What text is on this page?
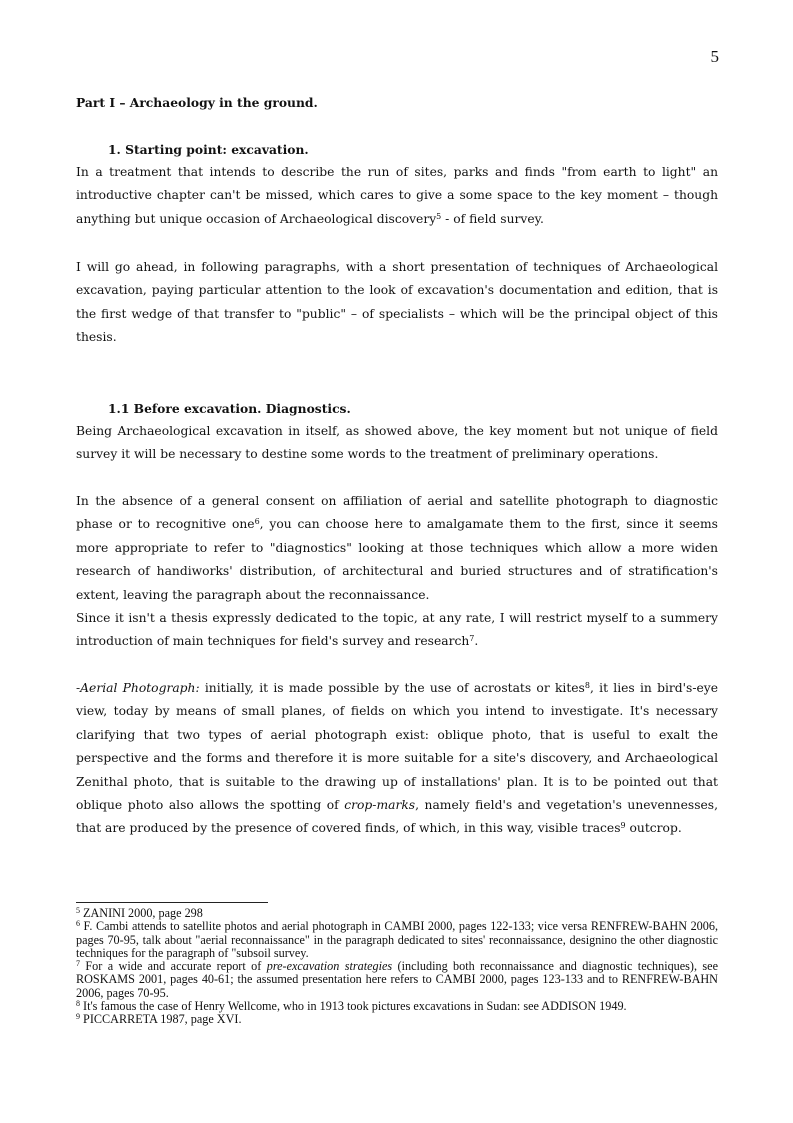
5

Part I – Archaeology in the ground.

1. Starting point: excavation.

In a treatment that intends to describe the run of sites, parks and finds "from earth to light" an introductive chapter can't be missed, which cares to give a some space to the key moment – though anything but unique occasion of Archaeological discovery$^5$ - of field survey.

I will go ahead, in following paragraphs, with a short presentation of techniques of Archaeological excavation, paying particular attention to the look of excavation's documentation and edition, that is the first wedge of that transfer to "public" – of specialists – which will be the principal object of this thesis.

1.1 Before excavation. Diagnostics.

Being Archaeological excavation in itself, as showed above, the key moment but not unique of field survey it will be necessary to destine some words to the treatment of preliminary operations.

In the absence of a general consent on affiliation of aerial and satellite photograph to diagnostic phase or to recognitive one$^6$, you can choose here to amalgamate them to the first, since it seems more appropriate to refer to "diagnostics" looking at those techniques which allow a more widen research of handiworks' distribution, of architectural and buried structures and of stratification's extent, leaving the paragraph about the reconnaissance.

Since it isn't a thesis expressly dedicated to the topic, at any rate, I will restrict myself to a summery introduction of main techniques for field's survey and research$^7$.

-Aerial Photograph: initially, it is made possible by the use of acrostats or kites$^8$, it lies in bird's-eye view, today by means of small planes, of fields on which you intend to investigate. It's necessary clarifying that two types of aerial photograph exist: oblique photo, that is useful to exalt the perspective and the forms and therefore it is more suitable for a site's discovery, and Archaeological Zenithal photo, that is suitable to the drawing up of installations' plan. It is to be pointed out that oblique photo also allows the spotting of crop-marks, namely field's and vegetation's unevennesses, that are produced by the presence of covered finds, of which, in this way, visible traces$^9$ outcrop.

$^5$ ZANINI 2000, page 298

$^6$ F. Cambi attends to satellite photos and aerial photograph in CAMBI 2000, pages 122-133; vice versa RENFREW-BAHN 2006, pages 70-95, talk about "aerial reconnaissance" in the paragraph dedicated to sites' reconnaissance, designino the other diagnostic techniques for the paragraph of "subsoil survey.

$^7$ For a wide and accurate report of pre-excavation strategies (including both reconnaissance and diagnostic techniques), see ROSKAMS 2001, pages 40-61; the assumed presentation here refers to CAMBI 2000, pages 123-133 and to RENFREW-BAHN 2006, pages 70-95.

$^8$ It's famous the case of Henry Wellcome, who in 1913 took pictures excavations in Sudan: see ADDISON 1949.

$^9$ PICCARRETA 1987, page XVI.
